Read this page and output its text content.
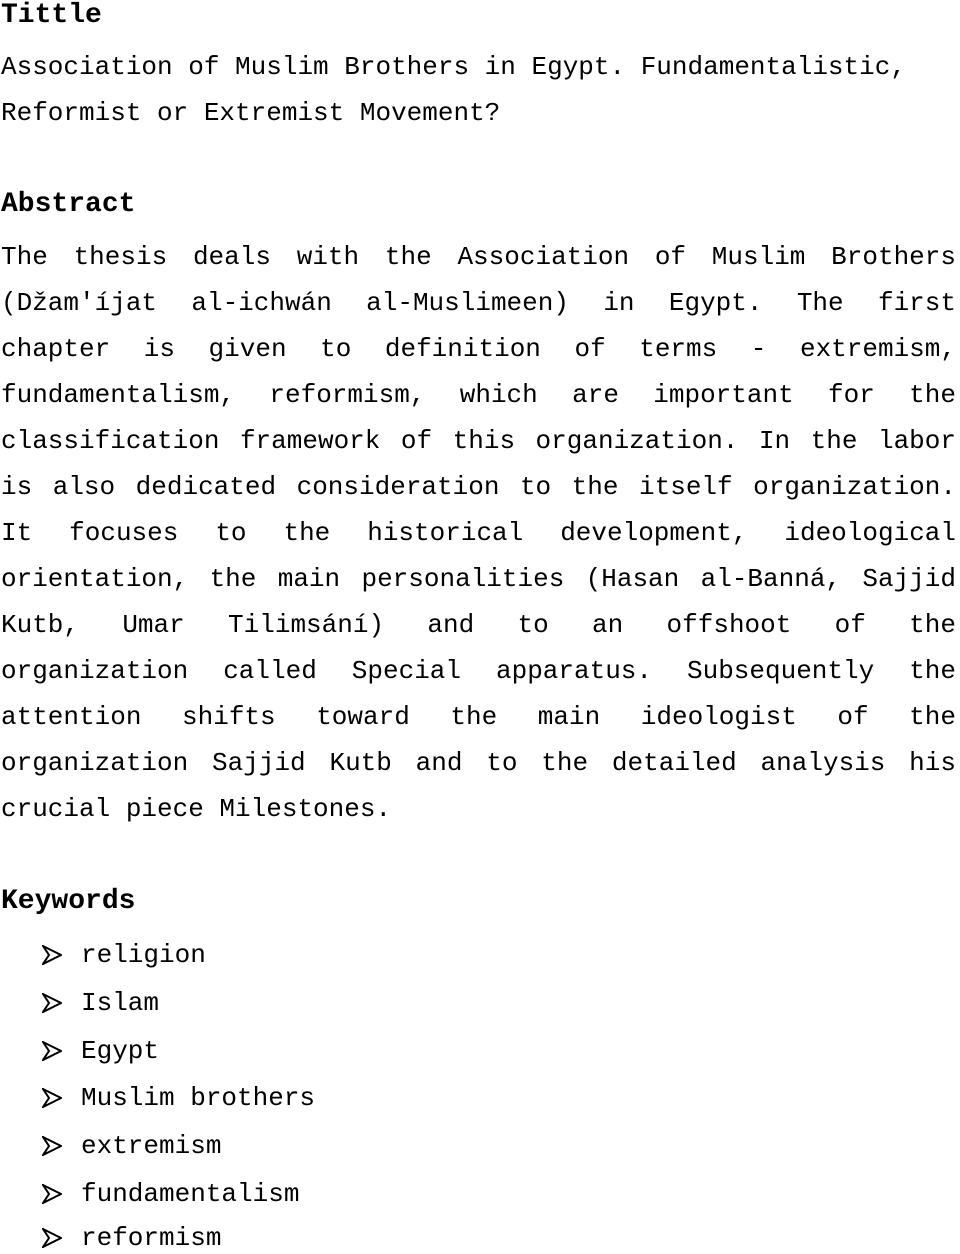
Tittle

Association of Muslim Brothers in Egypt. Fundamentalistic,
Reformist or Extremist Movement?

Abstract
The thesis deals with the Association of Muslim Brothers
(Džam'íjat al-ichwán al-Muslimeen) in Egypt. The first
chapter is given to definition of terms - extremism,
fundamentalism, reformism, which are important for the
classification framework of this organization. In the labor
is also dedicated consideration to the itself organization.
It focuses to the historical development, ideological
orientation, the main personalities (Hasan al-Banná, Sajjid
Kutb, Umar Tilimsání) and to an offshoot of the
organization called Special apparatus. Subsequently the
attention shifts toward the main ideologist of the
organization Sajjid Kutb and to the detailed analysis his
crucial piece Milestones.
Keywords
religion
Islam
Egypt
Muslim brothers
extremism
fundamentalism
reformism
